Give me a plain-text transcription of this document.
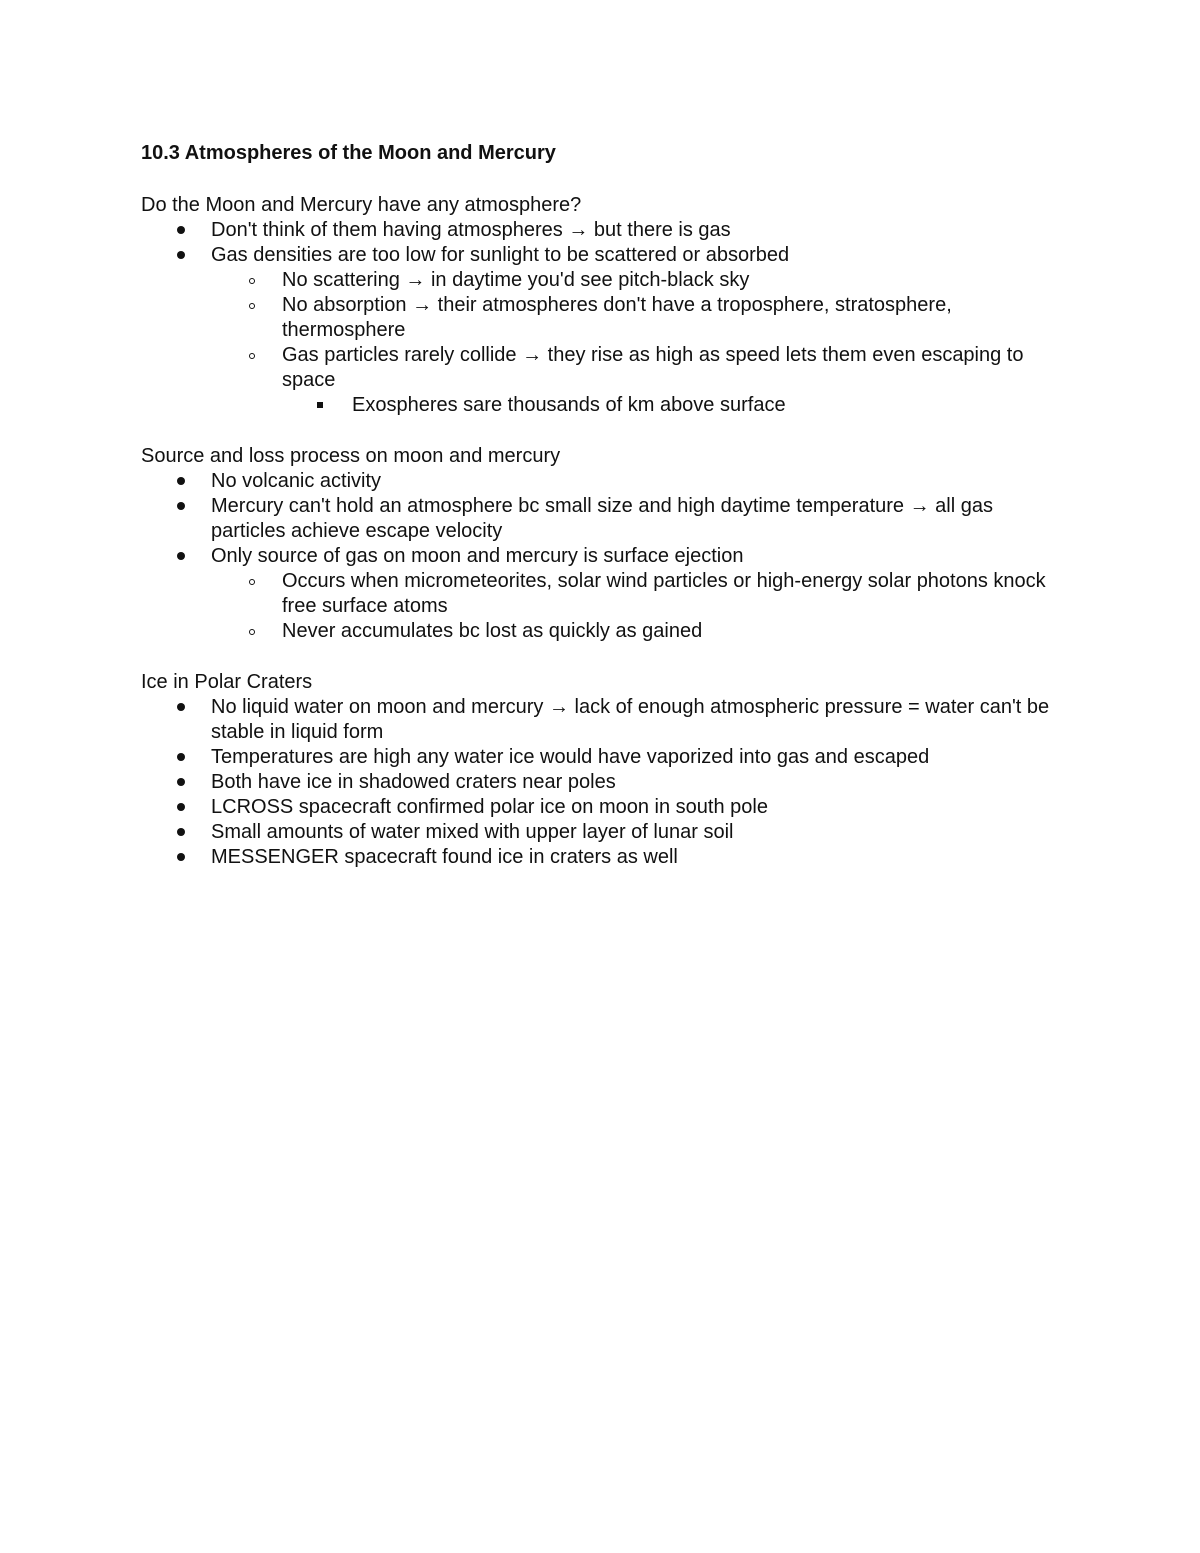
10.3 Atmospheres of the Moon and Mercury

Do the Moon and Mercury have any atmosphere?

Don't think of them having atmospheres → but there is gas
Gas densities are too low for sunlight to be scattered or absorbed
No scattering → in daytime you'd see pitch-black sky
No absorption → their atmospheres don't have a troposphere, stratosphere, thermosphere
Gas particles rarely collide → they rise as high as speed lets them even escaping to space
Exospheres sare thousands of km above surface

Source and loss process on moon and mercury

No volcanic activity
Mercury can't hold an atmosphere bc small size and high daytime temperature → all gas particles achieve escape velocity
Only source of gas on moon and mercury is surface ejection
Occurs when micrometeorites, solar wind particles or high-energy solar photons knock free surface atoms
Never accumulates bc lost as quickly as gained

Ice in Polar Craters

No liquid water on moon and mercury → lack of enough atmospheric pressure = water can't be stable in liquid form
Temperatures are high any water ice would have vaporized into gas and escaped
Both have ice in shadowed craters near poles
LCROSS spacecraft confirmed polar ice on moon in south pole
Small amounts of water mixed with upper layer of lunar soil
MESSENGER spacecraft found ice in craters as well
